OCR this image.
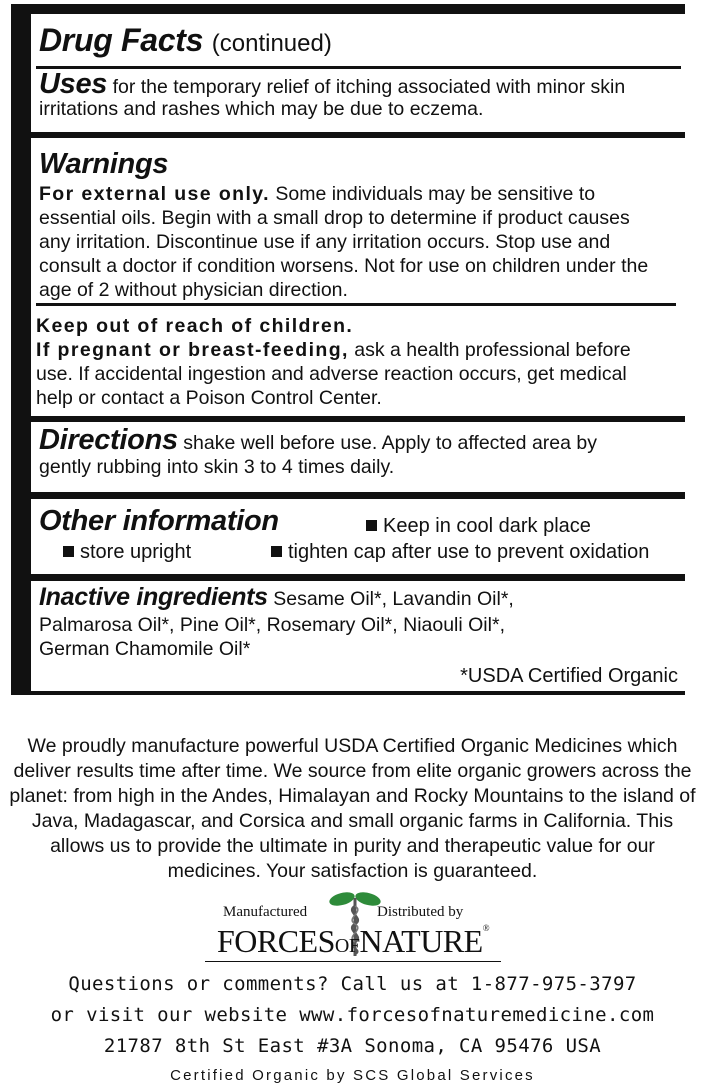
Drug Facts (continued)
Uses for the temporary relief of itching associated with minor skin
irritations and rashes which may be due to eczema.
Warnings
For external use only. Some individuals may be sensitive to
essential oils. Begin with a small drop to determine if product causes
any irritation. Discontinue use if any irritation occurs. Stop use and
consult a doctor if condition worsens. Not for use on children under the
age of 2 without physician direction.
Keep out of reach of children.
If pregnant or breast-feeding, ask a health professional before
use. If accidental ingestion and adverse reaction occurs, get medical
help or contact a Poison Control Center.
Directions shake well before use. Apply to affected area by
gently rubbing into skin 3 to 4 times daily.
Other information	Keep in cool dark place
store upright	tighten cap after use to prevent oxidation
Inactive ingredients Sesame Oil*, Lavandin Oil*,
Palmarosa Oil*, Pine Oil*, Rosemary Oil*, Niaouli Oil*,
German Chamomile Oil*
*USDA Certified Organic
We proudly manufacture powerful USDA Certified Organic Medicines which
deliver results time after time. We source from elite organic growers across the
planet: from high in the Andes, Himalayan and Rocky Mountains to the island of
Java, Madagascar, and Corsica and small organic farms in California. This
allows us to provide the ultimate in purity and therapeutic value for our
medicines. Your satisfaction is guaranteed.
Manufactured	Distributed by
FORCESOFNATURE®
Questions or comments? Call us at 1-877-975-3797
or visit our website www.forcesofnaturemedicine.com
21787 8th St East #3A Sonoma, CA 95476 USA
Certified Organic by SCS Global Services
